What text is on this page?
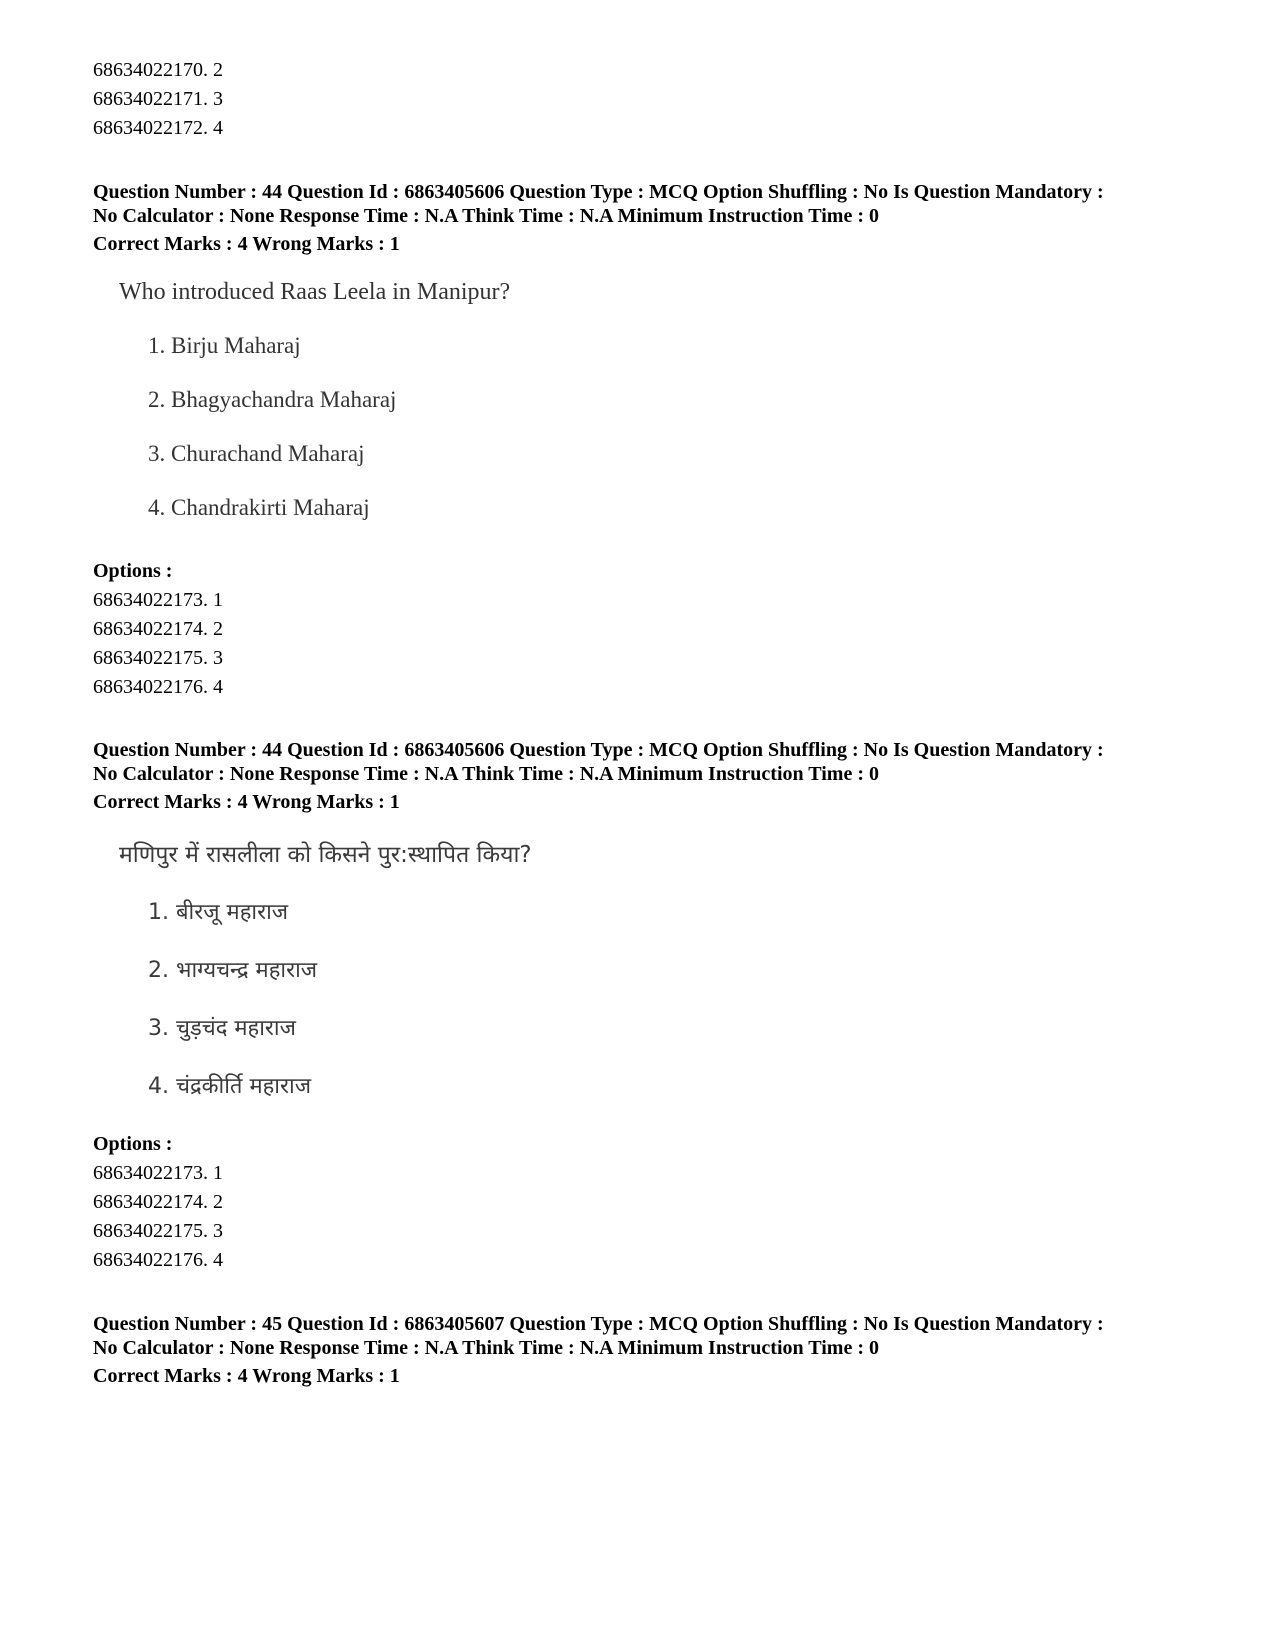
68634022170. 2
68634022171. 3
68634022172. 4
Question Number : 44 Question Id : 6863405606 Question Type : MCQ Option Shuffling : No Is Question Mandatory :
No Calculator : None Response Time : N.A Think Time : N.A Minimum Instruction Time : 0
Correct Marks : 4 Wrong Marks : 1
Who introduced Raas Leela in Manipur?
1. Birju Maharaj
2. Bhagyachandra Maharaj
3. Churachand Maharaj
4. Chandrakirti Maharaj
Options :
68634022173. 1
68634022174. 2
68634022175. 3
68634022176. 4
Question Number : 44 Question Id : 6863405606 Question Type : MCQ Option Shuffling : No Is Question Mandatory :
No Calculator : None Response Time : N.A Think Time : N.A Minimum Instruction Time : 0
Correct Marks : 4 Wrong Marks : 1
मणिपुर में रासलीला को किसने पुर:स्थापित किया?
1. बीरजू महाराज
2. भाग्यचन्द्र महाराज
3. चुड़चंद महाराज
4. चंद्रकीर्ति महाराज
Options :
68634022173. 1
68634022174. 2
68634022175. 3
68634022176. 4
Question Number : 45 Question Id : 6863405607 Question Type : MCQ Option Shuffling : No Is Question Mandatory :
No Calculator : None Response Time : N.A Think Time : N.A Minimum Instruction Time : 0
Correct Marks : 4 Wrong Marks : 1
